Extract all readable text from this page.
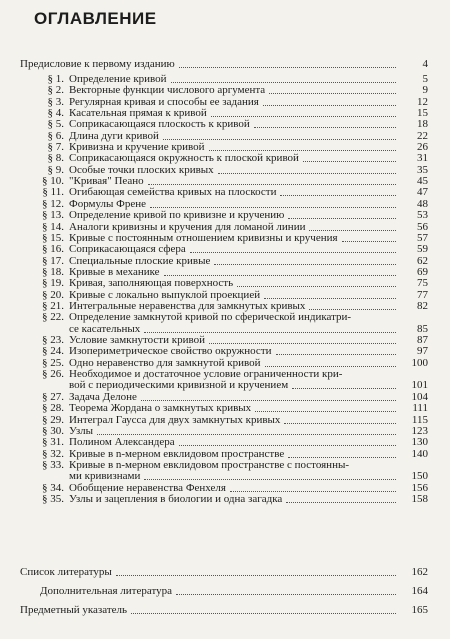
ОГЛАВЛЕНИЕ
Предисловие к первому изданию	4
§ 1. Определение кривой	5
§ 2. Векторные функции числового аргумента	9
§ 3. Регулярная кривая и способы ее задания	12
§ 4. Касательная прямая к кривой	15
§ 5. Соприкасающаяся плоскость к кривой	18
§ 6. Длина дуги кривой	22
§ 7. Кривизна и кручение кривой	26
§ 8. Соприкасающаяся окружность к плоской кривой	31
§ 9. Особые точки плоских кривых	35
§ 10. "Кривая" Пеано	45
§ 11. Огибающая семейства кривых на плоскости	47
§ 12. Формулы Френе	48
§ 13. Определение кривой по кривизне и кручению	53
§ 14. Аналоги кривизны и кручения для ломаной линии	56
§ 15. Кривые с постоянным отношением кривизны и кручения	57
§ 16. Соприкасающаяся сфера	59
§ 17. Специальные плоские кривые	62
§ 18. Кривые в механике	69
§ 19. Кривая, заполняющая поверхность	75
§ 20. Кривые с локально выпуклой проекцией	77
§ 21. Интегральные неравенства для замкнутых кривых	82
§ 22. Определение замкнутой кривой по сферической индикатри-
се касательных	85
§ 23. Условие замкнутости кривой	87
§ 24. Изопериметрическое свойство окружности	97
§ 25. Одно неравенство для замкнутой кривой	100
§ 26. Необходимое и достаточное условие ограниченности кри-
вой с периодическими кривизной и кручением	101
§ 27. Задача Делоне	104
§ 28. Теорема Жордана о замкнутых кривых	111
§ 29. Интеграл Гаусса для двух замкнутых кривых	115
§ 30. Узлы	123
§ 31. Полином Александера	130
§ 32. Кривые в n-мерном евклидовом пространстве	140
§ 33. Кривые в n-мерном евклидовом пространстве с постоянны-
ми кривизнами	150
§ 34. Обобщение неравенства Фенхеля	156
§ 35. Узлы и зацепления в биологии и одна загадка	158
Список литературы	162
Дополнительная литература	164
Предметный указатель	165
